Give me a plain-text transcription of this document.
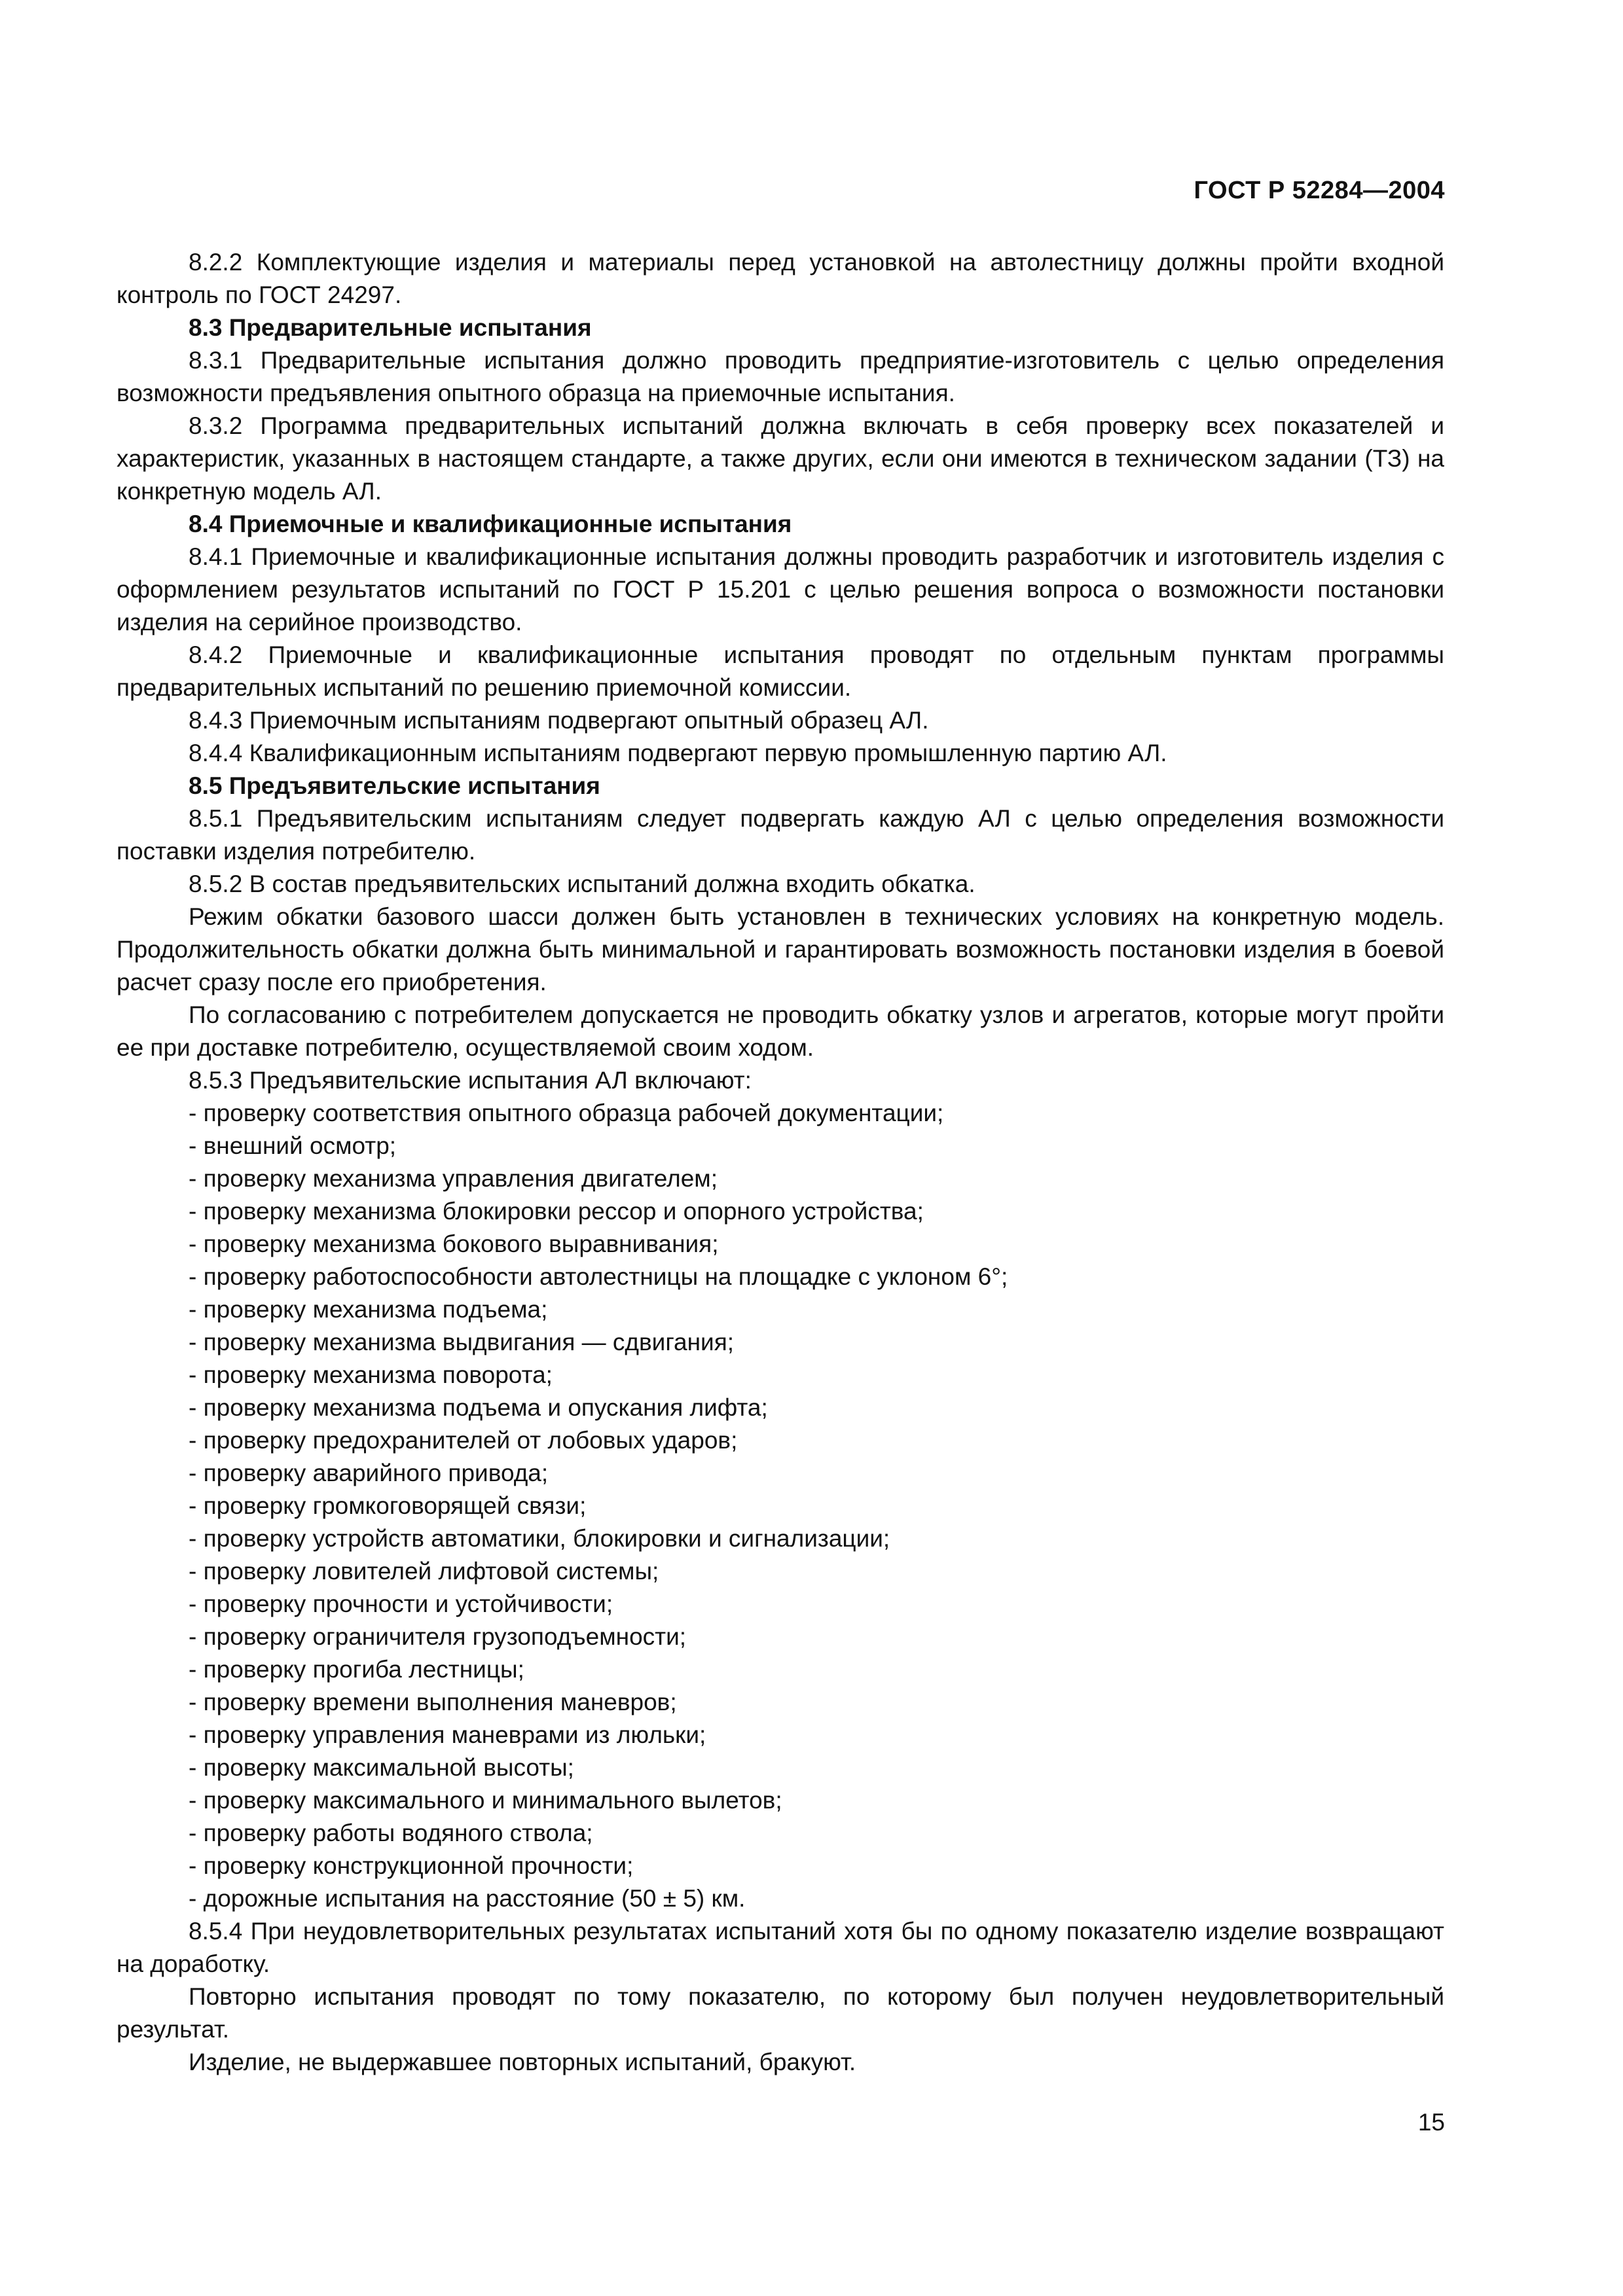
ГОСТ Р 52284—2004

8.2.2 Комплектующие изделия и материалы перед установкой на автолестницу должны пройти входной контроль по ГОСТ 24297.

8.3 Предварительные испытания

8.3.1 Предварительные испытания должно проводить предприятие-изготовитель с целью определения возможности предъявления опытного образца на приемочные испытания.

8.3.2 Программа предварительных испытаний должна включать в себя проверку всех показателей и характеристик, указанных в настоящем стандарте, а также других, если они имеются в техническом задании (ТЗ) на конкретную модель АЛ.

8.4 Приемочные и квалификационные испытания

8.4.1 Приемочные и квалификационные испытания должны проводить разработчик и изготовитель изделия с оформлением результатов испытаний по ГОСТ Р 15.201 с целью решения вопроса о возможности постановки изделия на серийное производство.

8.4.2 Приемочные и квалификационные испытания проводят по отдельным пунктам программы предварительных испытаний по решению приемочной комиссии.

8.4.3 Приемочным испытаниям подвергают опытный образец АЛ.

8.4.4 Квалификационным испытаниям подвергают первую промышленную партию АЛ.

8.5 Предъявительские испытания

8.5.1 Предъявительским испытаниям следует подвергать каждую АЛ с целью определения возможности поставки изделия потребителю.

8.5.2 В состав предъявительских испытаний должна входить обкатка.

Режим обкатки базового шасси должен быть установлен в технических условиях на конкретную модель. Продолжительность обкатки должна быть минимальной и гарантировать возможность постановки изделия в боевой расчет сразу после его приобретения.

По согласованию с потребителем допускается не проводить обкатку узлов и агрегатов, которые могут пройти ее при доставке потребителю, осуществляемой своим ходом.

8.5.3 Предъявительские испытания АЛ включают:

- проверку соответствия опытного образца рабочей документации;
- внешний осмотр;
- проверку механизма управления двигателем;
- проверку механизма блокировки рессор и опорного устройства;
- проверку механизма бокового выравнивания;
- проверку работоспособности автолестницы на площадке с уклоном 6°;
- проверку механизма подъема;
- проверку механизма выдвигания — сдвигания;
- проверку механизма поворота;
- проверку механизма подъема и опускания лифта;
- проверку предохранителей от лобовых ударов;
- проверку аварийного привода;
- проверку громкоговорящей связи;
- проверку устройств автоматики, блокировки и сигнализации;
- проверку ловителей лифтовой системы;
- проверку прочности и устойчивости;
- проверку ограничителя грузоподъемности;
- проверку прогиба лестницы;
- проверку времени выполнения маневров;
- проверку управления маневрами из люльки;
- проверку максимальной высоты;
- проверку максимального и минимального вылетов;
- проверку работы водяного ствола;
- проверку конструкционной прочности;
- дорожные испытания на расстояние (50 ± 5) км.

8.5.4 При неудовлетворительных результатах испытаний хотя бы по одному показателю изделие возвращают на доработку.

Повторно испытания проводят по тому показателю, по которому был получен неудовлетворительный результат.

Изделие, не выдержавшее повторных испытаний, бракуют.

15
